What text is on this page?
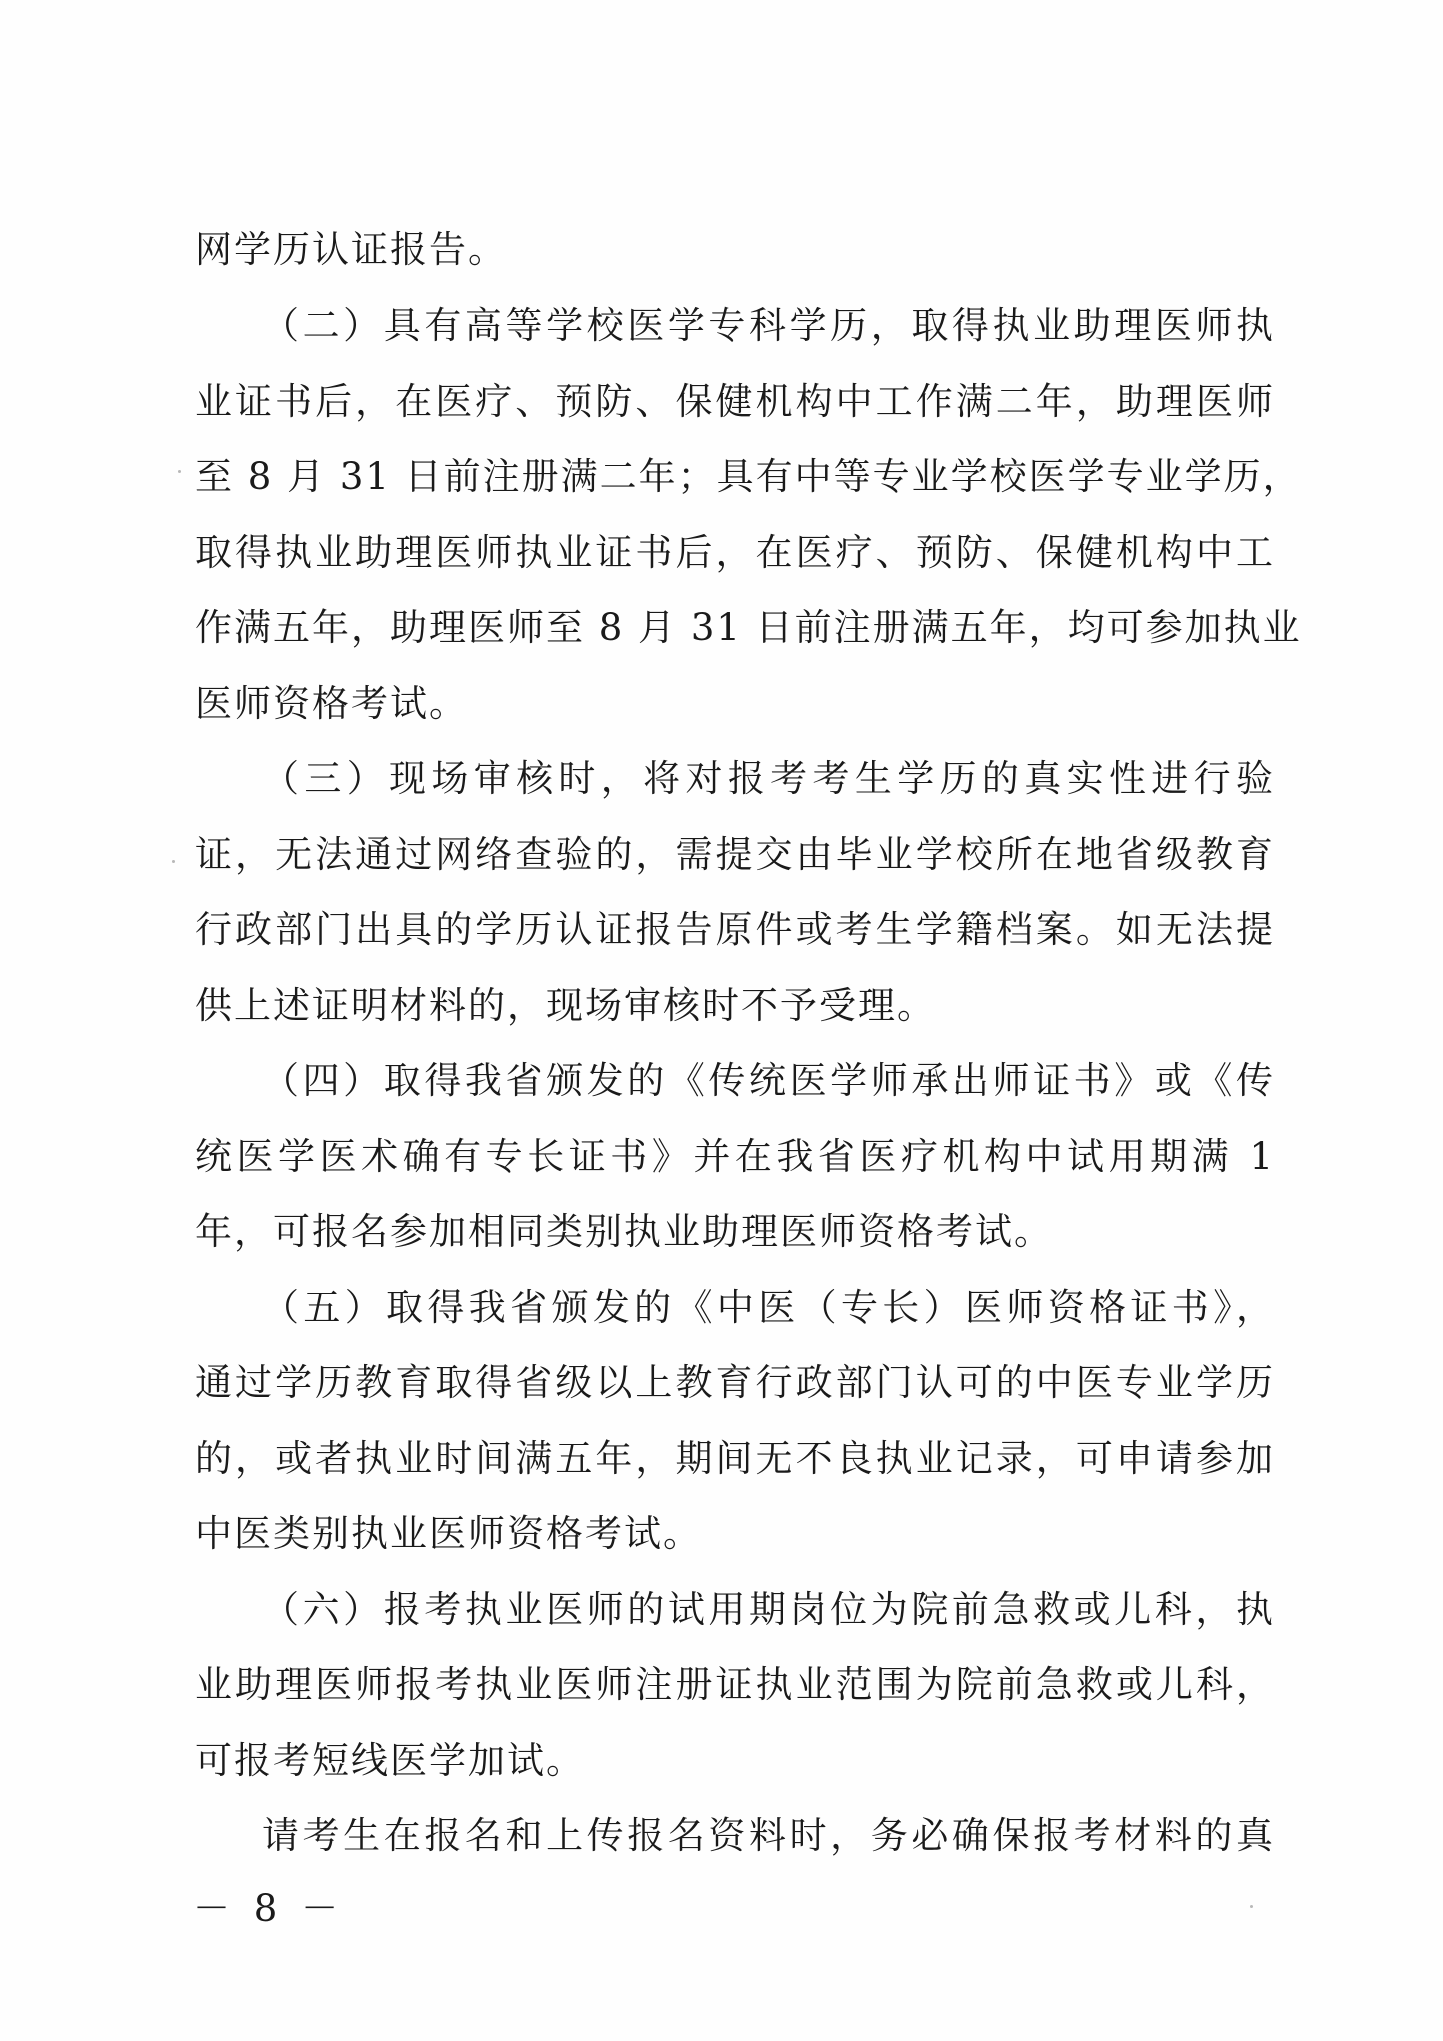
网学历认证报告。
（二）具有高等学校医学专科学历，取得执业助理医师执
业证书后，在医疗、预防、保健机构中工作满二年，助理医师
至 8 月 31 日前注册满二年；具有中等专业学校医学专业学历，
取得执业助理医师执业证书后，在医疗、预防、保健机构中工
作满五年，助理医师至 8 月 31 日前注册满五年，均可参加执业
医师资格考试。
（三）现场审核时，将对报考考生学历的真实性进行验
证，无法通过网络查验的，需提交由毕业学校所在地省级教育
行政部门出具的学历认证报告原件或考生学籍档案。如无法提
供上述证明材料的，现场审核时不予受理。
（四）取得我省颁发的《传统医学师承出师证书》或《传
统医学医术确有专长证书》并在我省医疗机构中试用期满 1
年，可报名参加相同类别执业助理医师资格考试。
（五）取得我省颁发的《中医（专长）医师资格证书》，
通过学历教育取得省级以上教育行政部门认可的中医专业学历
的，或者执业时间满五年，期间无不良执业记录，可申请参加
中医类别执业医师资格考试。
（六）报考执业医师的试用期岗位为院前急救或儿科，执
业助理医师报考执业医师注册证执业范围为院前急救或儿科，
可报考短线医学加试。
请考生在报名和上传报名资料时，务必确保报考材料的真
－ 8 －
